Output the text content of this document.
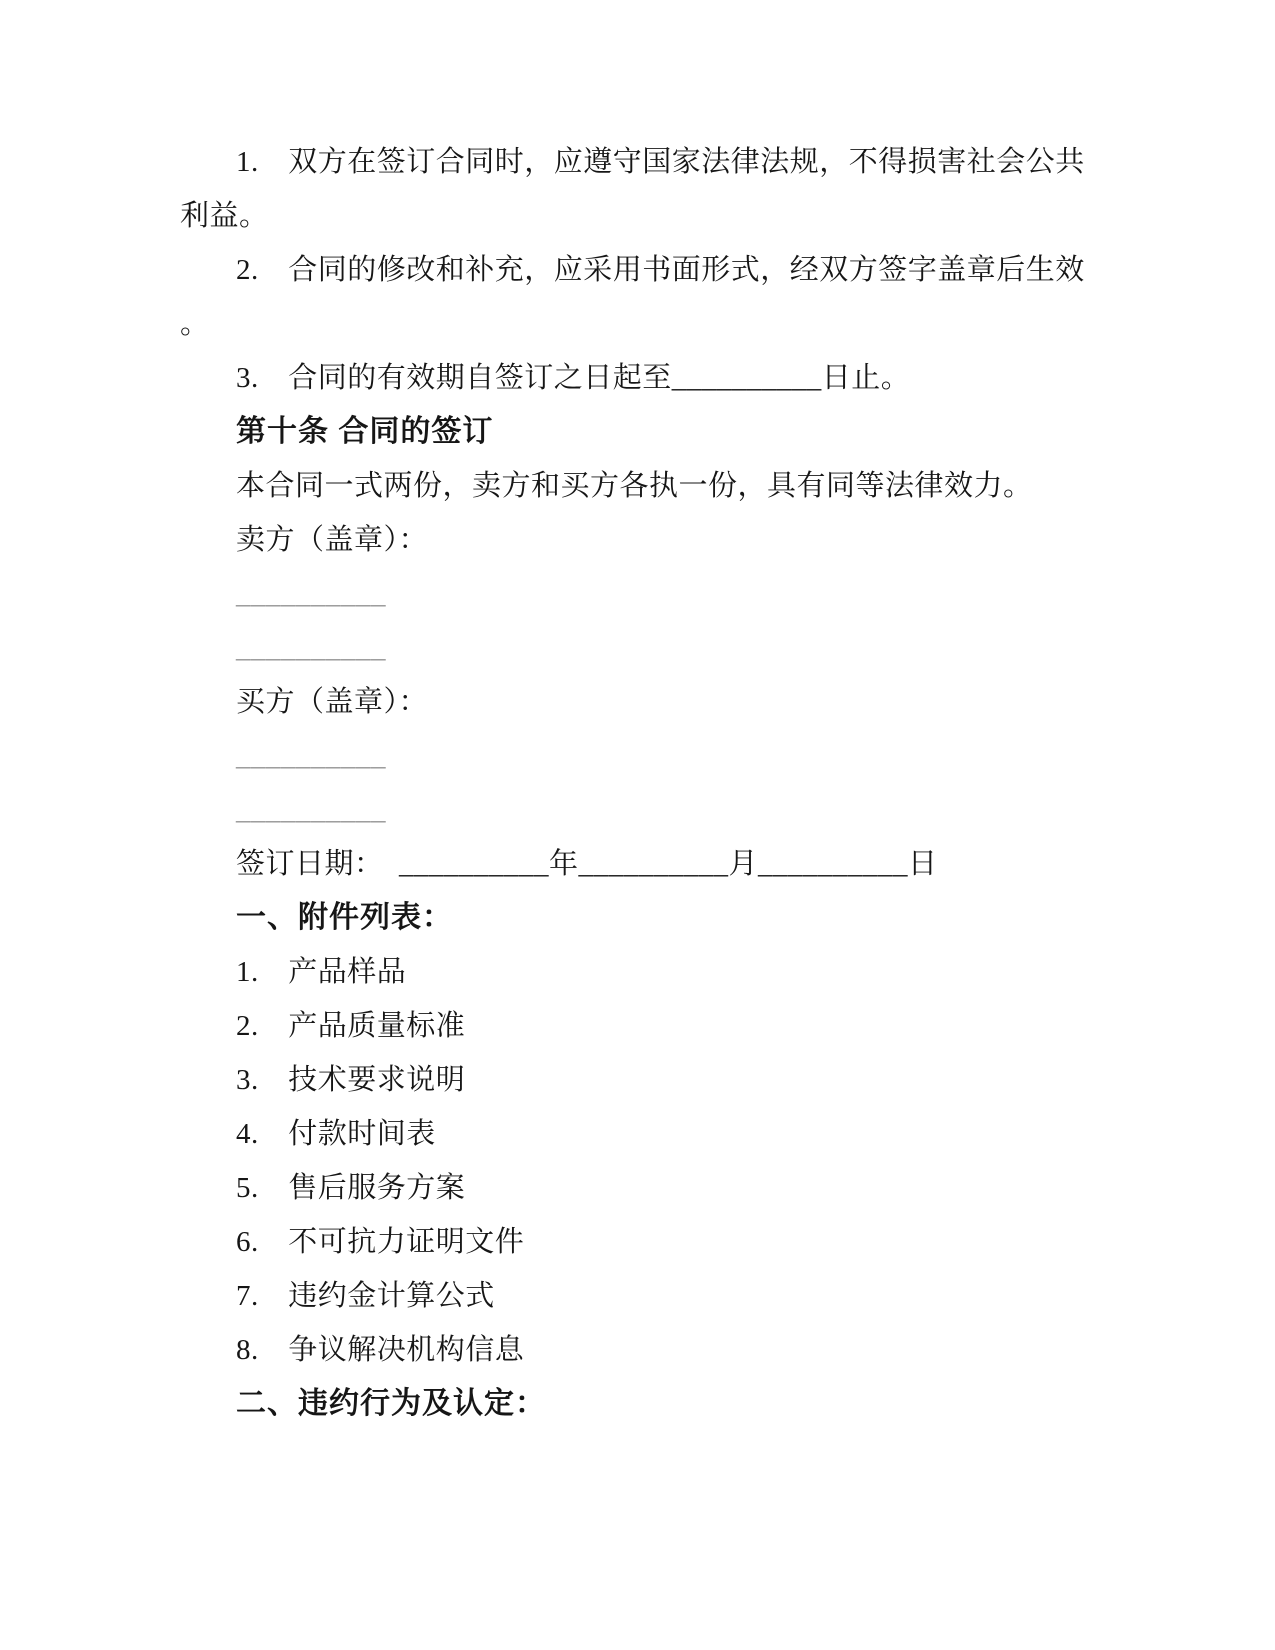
1.　双方在签订合同时，应遵守国家法律法规，不得损害社会公共
利益。
2.　合同的修改和补充，应采用书面形式，经双方签字盖章后生效
。
3.　合同的有效期自签订之日起至__________日止。
第十条 合同的签订
本合同一式两份，卖方和买方各执一份，具有同等法律效力。
卖方（盖章）：
__________
__________
买方（盖章）：
__________
__________
签订日期：  __________年__________月__________日
一、附件列表：
1.　产品样品
2.　产品质量标准
3.　技术要求说明
4.　付款时间表
5.　售后服务方案
6.　不可抗力证明文件
7.　违约金计算公式
8.　争议解决机构信息
二、违约行为及认定：
